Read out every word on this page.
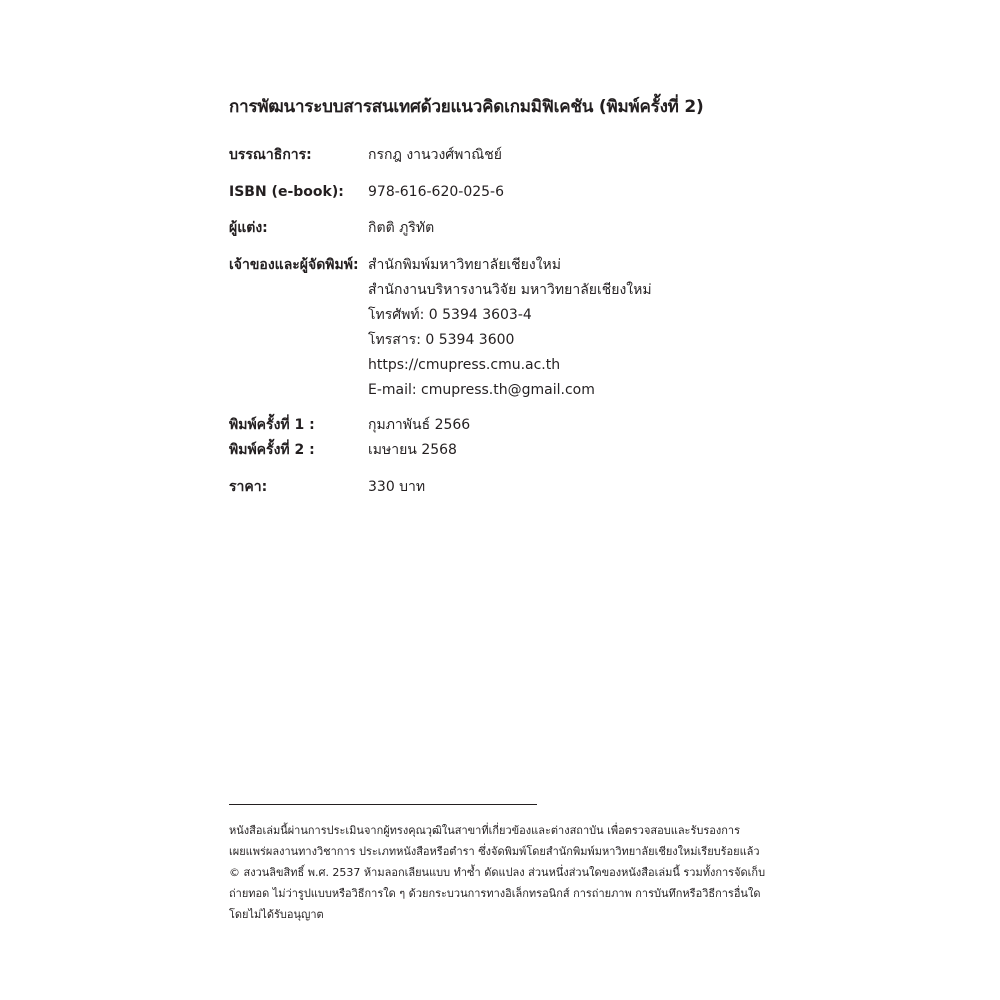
การพัฒนาระบบสารสนเทศด้วยแนวคิดเกมมิฟิเคชัน (พิมพ์ครั้งที่ 2)
บรรณาธิการ:	กรกฎ งานวงศ์พาณิชย์
ISBN (e-book): 978-616-620-025-6
ผู้แต่ง:	กิตติ ภูริทัต
เจ้าของและผู้จัดพิมพ์: สำนักพิมพ์มหาวิทยาลัยเชียงใหม่
สำนักงานบริหารงานวิจัย มหาวิทยาลัยเชียงใหม่
โทรศัพท์: 0 5394 3603-4
โทรสาร: 0 5394 3600
https://cmupress.cmu.ac.th
E-mail: cmupress.th@gmail.com
พิมพ์ครั้งที่ 1 :	กุมภาพันธ์ 2566
พิมพ์ครั้งที่ 2 :	เมษายน 2568
ราคา:	330 บาท
หนังสือเล่มนี้ผ่านการประเมินจากผู้ทรงคุณวุฒิในสาขาที่เกี่ยวข้องและต่างสถาบัน เพื่อตรวจสอบและรับรองการ
เผยแพร่ผลงานทางวิชาการ ประเภทหนังสือหรือตำรา ซึ่งจัดพิมพ์โดยสำนักพิมพ์มหาวิทยาลัยเชียงใหม่เรียบร้อยแล้ว
© สงวนลิขสิทธิ์ พ.ศ. 2537 ห้ามลอกเลียนแบบ ทำซ้ำ ดัดแปลง ส่วนหนึ่งส่วนใดของหนังสือเล่มนี้ รวมทั้งการจัดเก็บ
ถ่ายทอด ไม่ว่ารูปแบบหรือวิธีการใด ๆ ด้วยกระบวนการทางอิเล็กทรอนิกส์ การถ่ายภาพ การบันทึกหรือวิธีการอื่นใด
โดยไม่ได้รับอนุญาต
